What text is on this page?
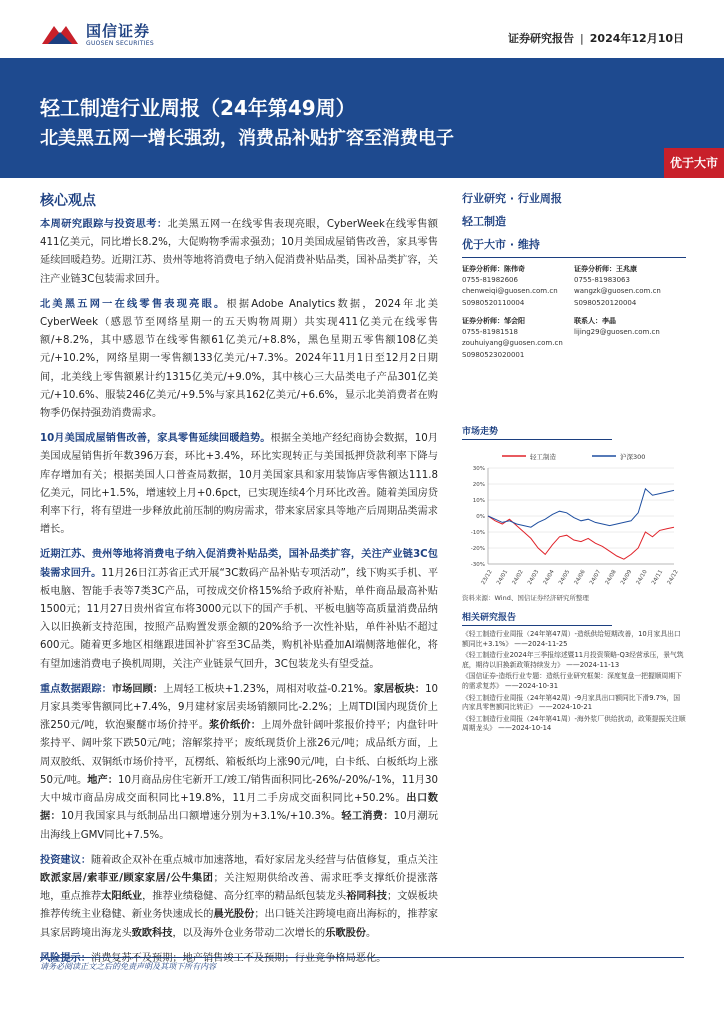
国信证券
GUOSEN SECURITIES	证券研究报告 | 2024年12月10日
轻工制造行业周报（24年第49周）
北美黑五网一增长强劲，消费品补贴扩容至消费电子
优于大市
核心观点

本周研究跟踪与投资思考：北美黑五网一在线零售表现亮眼，CyberWeek在线零售额411亿美元，同比增长8.2%，大促购物季需求强劲；10月美国成屋销售改善，家具零售延续回暖趋势。近期江苏、贵州等地将消费电子纳入促消费补贴品类，国补品类扩容，关注产业链3C包装需求回升。

北美黑五网一在线零售表现亮眼。根据Adobe Analytics数据，2024年北美CyberWeek（感恩节至网络星期一的五天购物周期）共实现411亿美元在线零售额/+8.2%，其中感恩节在线零售额61亿美元/+8.8%，黑色星期五零售额108亿美元/+10.2%，网络星期一零售额133亿美元/+7.3%。2024年11月1日至12月2日期间，北美线上零售额累计约1315亿美元/+9.0%，其中核心三大品类电子产品301亿美元/+10.6%、服装246亿美元/+9.5%与家具162亿美元/+6.6%，显示北美消费者在购物季仍保持强劲消费需求。

10月美国成屋销售改善，家具零售延续回暖趋势。根据全美地产经纪商协会数据，10月美国成屋销售折年数396万套，环比+3.4%，环比实现转正与美国抵押贷款利率下降与库存增加有关；根据美国人口普查局数据，10月美国家具和家用装饰店零售额达111.8亿美元，同比+1.5%，增速较上月+0.6pct，已实现连续4个月环比改善。随着美国房贷利率下行，将有望进一步释放此前压制的购房需求，带来家居家具等地产后周期品类需求增长。

近期江苏、贵州等地将消费电子纳入促消费补贴品类，国补品类扩容，关注产业链3C包装需求回升。11月26日江苏省正式开展“3C数码产品补贴专项活动”，线下购买手机、平板电脑、智能手表等7类3C产品，可按成交价格15%给予政府补贴，单件商品最高补贴1500元；11月27日贵州省宣布将3000元以下的国产手机、平板电脑等高质量消费品纳入以旧换新支持范围，按照产品购置发票金额的20%给予一次性补贴，单件补贴不超过600元。随着更多地区相继跟进国补扩容至3C品类，购机补贴叠加AI端侧落地催化，将有望加速消费电子换机周期，关注产业链景气回升，3C包装龙头有望受益。

重点数据跟踪：市场回顾：上周轻工板块+1.23%，周相对收益-0.21%。家居板块：10月家具类零售额同比+7.4%，9月建材家居卖场销额同比-2.2%；上周TDI国内现货价上涨250元/吨，软泡聚醚市场价持平。浆价纸价：上周外盘针阔叶浆报价持平；内盘针叶浆持平、阔叶浆下跌50元/吨；溶解浆持平；废纸现货价上涨26元/吨；成品纸方面，上周双胶纸、双铜纸市场价持平，瓦楞纸、箱板纸均上涨90元/吨，白卡纸、白板纸均上涨50元/吨。地产：10月商品房住宅新开工/竣工/销售面积同比-26%/-20%/-1%，11月30大中城市商品房成交面积同比+19.8%，11月二手房成交面积同比+50.2%。出口数据：10月我国家具与纸制品出口额增速分别为+3.1%/+10.3%。轻工消费：10月潮玩出海线上GMV同比+7.5%。

投资建议：随着政企双补在重点城市加速落地，看好家居龙头经营与估值修复，重点关注欧派家居/索菲亚/顾家家居/公牛集团；关注短期供给改善、需求旺季支撑纸价提涨落地，重点推荐太阳纸业，推荐业绩稳健、高分红率的精品纸包装龙头裕同科技；文娱板块推荐传统主业稳健、新业务快速成长的晨光股份；出口链关注跨境电商出海标的，推荐家具家居跨境出海龙头致欧科技，以及海外仓业务带动二次增长的乐歌股份。

风险提示：消费复苏不及预期；地产销售竣工不及预期；行业竞争格局恶化。

行业研究 · 行业周报
轻工制造
优于大市 · 维持
证券分析师：陈伟奇
0755-81982606
chenweiqi@guosen.com.cn
S0980520110004
证券分析师：王兆康
0755-81983063
wangzk@guosen.com.cn
S0980520120004
证券分析师：邹会阳
0755-81981518
zouhuiyang@guosen.com.cn
S0980523020001
联系人：李晶
lijing29@guosen.com.cn
市场走势
轻工制造	沪深300
30%
20%
10%
0%
-10%
-20%
-30%
23/12 24/01 24/02 24/03 24/04 24/05 24/06 24/07 24/08 24/09 24/10 24/11 24/12
资料来源：Wind、国信证券经济研究所整理
相关研究报告
《轻工制造行业周报（24年第47周）-造纸供给短期改善，10月家具出口额同比+3.1%》 ——2024-11-25
《轻工制造行业2024年三季报综述暨11月投资策略-Q3经营承压，景气筑底，期待以旧换新政策持续发力》 ——2024-11-13
《国信证券-造纸行业专题：造纸行业研究框架：深度复盘一把握顺周期下的需求复苏》 ——2024-10-31
《轻工制造行业周报（24年第42周）-9月家具出口额同比下滑9.7%，国内家具零售额同比转正》 ——2024-10-21
《轻工制造行业周报（24年第41周）-海外浆厂供给扰动，政策提振关注顺周期龙头》 ——2024-10-14
请务必阅读正文之后的免责声明及其项下所有内容
